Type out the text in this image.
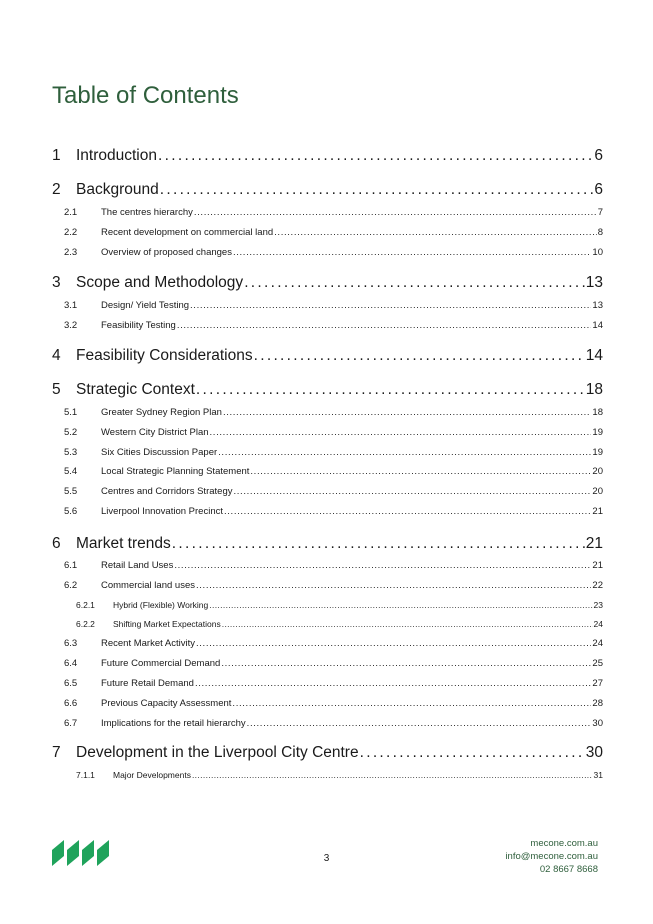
Table of Contents
1 Introduction . . .	6
2 Background . . .	6
2.1	The centres hierarchy . . .	7
2.2	Recent development on commercial land . . .	8
2.3	Overview of proposed changes . . .	10
3 Scope and Methodology . . .	13
3.1	Design/ Yield Testing . . .	13
3.2	Feasibility Testing . . .	14
4 Feasibility Considerations . . .	14
5 Strategic Context . . .	18
5.1	Greater Sydney Region Plan . . .	18
5.2	Western City District Plan . . .	19
5.3	Six Cities Discussion Paper . . .	19
5.4	Local Strategic Planning Statement . . .	20
5.5	Centres and Corridors Strategy . . .	20
5.6	Liverpool Innovation Precinct . . .	21
6 Market trends . . .	21
6.1	Retail Land Uses . . .	21
6.2	Commercial land uses . . .	22
6.2.1	Hybrid (Flexible) Working . . .	23
6.2.2	Shifting Market Expectations . . .	24
6.3	Recent Market Activity . . .	24
6.4	Future Commercial Demand . . .	25
6.5	Future Retail Demand . . .	27
6.6	Previous Capacity Assessment . . .	28
6.7	Implications for the retail hierarchy . . .	30
7 Development in the Liverpool City Centre . . .	30
7.1.1	Major Developments . . .	31
3
mecone.com.au
info@mecone.com.au
02 8667 8668
